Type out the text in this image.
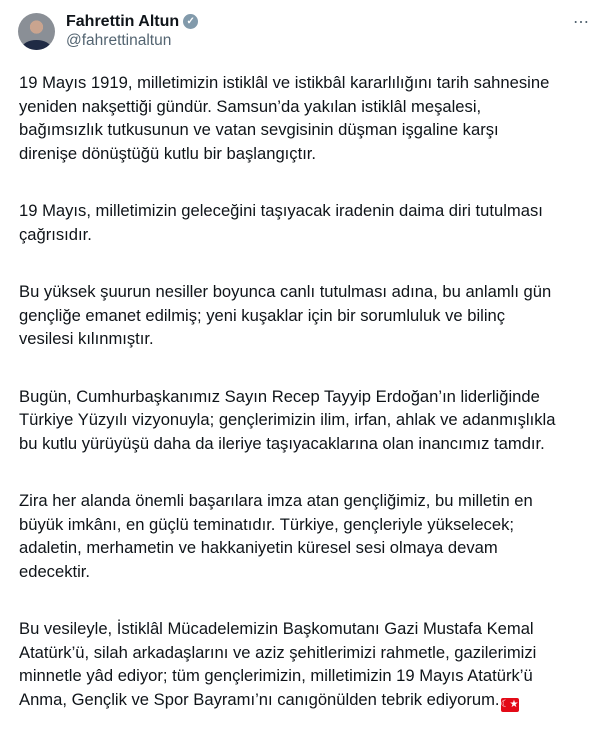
Fahrettin Altun ✓
@fahrettinaltun
⋯
19 Mayıs 1919, milletimizin istiklâl ve istikbâl kararlılığını tarih sahnesine
yeniden nakşettiği gündür. Samsun’da yakılan istiklâl meşalesi,
bağımsızlık tutkusunun ve vatan sevgisinin düşman işgaline karşı
direnişe dönüştüğü kutlu bir başlangıçtır.
19 Mayıs, milletimizin geleceğini taşıyacak iradenin daima diri tutulması
çağrısıdır.
Bu yüksek şuurun nesiller boyunca canlı tutulması adına, bu anlamlı gün
gençliğe emanet edilmiş; yeni kuşaklar için bir sorumluluk ve bilinç
vesilesi kılınmıştır.
Bugün, Cumhurbaşkanımız Sayın Recep Tayyip Erdoğan’ın liderliğinde
Türkiye Yüzyılı vizyonuyla; gençlerimizin ilim, irfan, ahlak ve adanmışlıkla
bu kutlu yürüyüşü daha da ileriye taşıyacaklarına olan inancımız tamdır.
Zira her alanda önemli başarılara imza atan gençliğimiz, bu milletin en
büyük imkânı, en güçlü teminatıdır. Türkiye, gençleriyle yükselecek;
adaletin, merhametin ve hakkaniyetin küresel sesi olmaya devam
edecektir.
Bu vesileyle, İstiklâl Mücadelemizin Başkomutanı Gazi Mustafa Kemal
Atatürk’ü, silah arkadaşlarını ve aziz şehitlerimizi rahmetle, gazilerimizi
minnetle yâd ediyor; tüm gençlerimizin, milletimizin 19 Mayıs Atatürk’ü
Anma, Gençlik ve Spor Bayramı’nı canıgönülden tebrik ediyorum.☾★
